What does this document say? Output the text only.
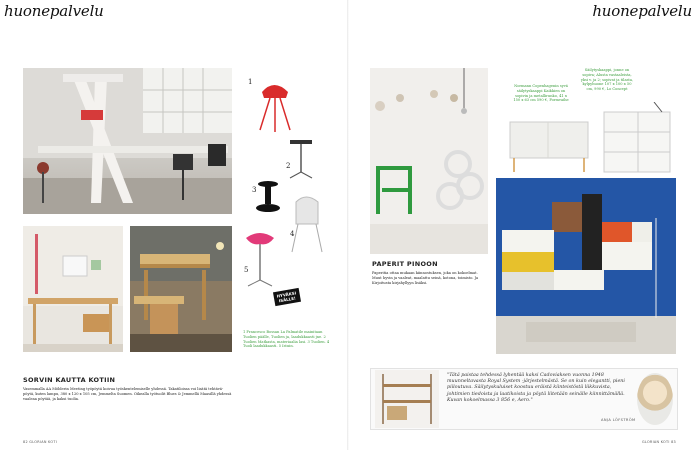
huonepalvelu	huonepalvelu
1
2
3
4
5
HYVÄKSI
ISÄLLE!
1 Francesco Bossan La Palmatile mainitaan Tuolien päälle, Tuolien ja, laadukkaasti jne. 2 Tuolien Matkasta, materiaalia lasi. 3 Tuolien. 4 Tuoli laadukkaasti. 5 Istuin.
SORVIN KAUTTA KOTIIN
Vasemmalla AA Möblerin Meeting työpöytä koivua työskentelemiselle yhdessä. Takatiloissa voi lisätä tehtävä-pöytä, kuten lampu, 380 x 120 x 105 cm, Jemmelta Suomen. Oikealla työtuolit Blues & Jemmellä Maasillä yhdessä vaaleaa pöytää, ja kaksi tuolia.
82 GLORIAN KOTI
PAPERIT PINOON
Paperitia ottaa mukaan kiinnostuksen, joka on kokoelmat. Muut hyvin ja vaaleat, maalattu seinä, kotona, toimisto. Ja Kirjoitusta kirjahyllyyn lisäksi.
Normann Copenhagenin syvä säilytyskaappi Kaikkien on sopivin ja metallirunko, 41 x 150 x 63 cm 590 €, Formvaihe
Säilytyskaappi, jonne on sopiva; Alusta vastaaleista, yksi v. ja 2; sopivat ja tilasta, kylpyhuone 107 x 100 x 50 cm, 990 €, Lo Concept
"Tätä paistaa tehdessä lyhentää kaksi Cadoviaksen vuonna 1948 muunneltavasta Royal System -järjestelmästä. Se on kuin elegantti, pieni piiloutuva. Säilytyskuluiset koostuu eräistä kiinteistöstä liikkuvista, johtimien tiedoista ja laatikoista ja pöytä liitetään seinälle kiinnittämällä. Kuvan kokoelmassa 3 856 e, Aero."
ANJA LÖFSTRÖM
GLORIAN KOTI 83
